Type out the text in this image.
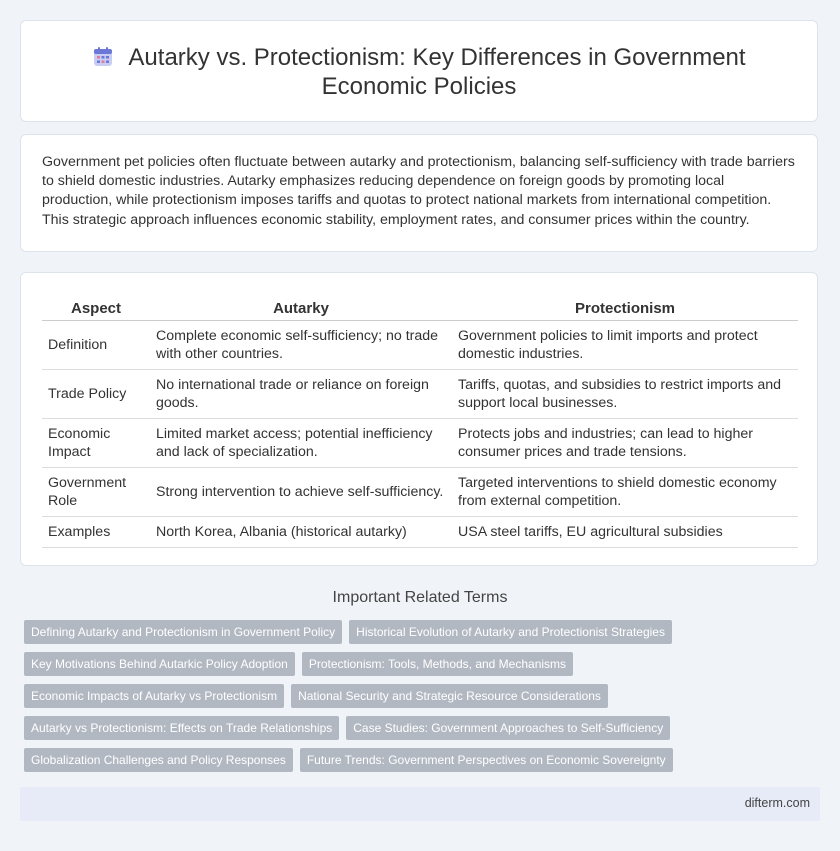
Autarky vs. Protectionism: Key Differences in Government
Economic Policies
Government pet policies often fluctuate between autarky and protectionism, balancing self-sufficiency with trade barriers to shield domestic industries. Autarky emphasizes reducing dependence on foreign goods by promoting local production, while protectionism imposes tariffs and quotas to protect national markets from international competition. This strategic approach influences economic stability, employment rates, and consumer prices within the country.
Aspect	Autarky	Protectionism
Definition	Complete economic self-sufficiency; no trade with other countries.	Government policies to limit imports and protect domestic industries.
Trade Policy	No international trade or reliance on foreign goods.	Tariffs, quotas, and subsidies to restrict imports and support local businesses.
Economic Impact	Limited market access; potential inefficiency and lack of specialization.	Protects jobs and industries; can lead to higher consumer prices and trade tensions.
Government Role	Strong intervention to achieve self-sufficiency.	Targeted interventions to shield domestic economy from external competition.
Examples	North Korea, Albania (historical autarky)	USA steel tariffs, EU agricultural subsidies
Important Related Terms
Defining Autarky and Protectionism in Government Policy	Historical Evolution of Autarky and Protectionist Strategies
Key Motivations Behind Autarkic Policy Adoption	Protectionism: Tools, Methods, and Mechanisms
Economic Impacts of Autarky vs Protectionism	National Security and Strategic Resource Considerations
Autarky vs Protectionism: Effects on Trade Relationships	Case Studies: Government Approaches to Self-Sufficiency
Globalization Challenges and Policy Responses	Future Trends: Government Perspectives on Economic Sovereignty
difterm.com
